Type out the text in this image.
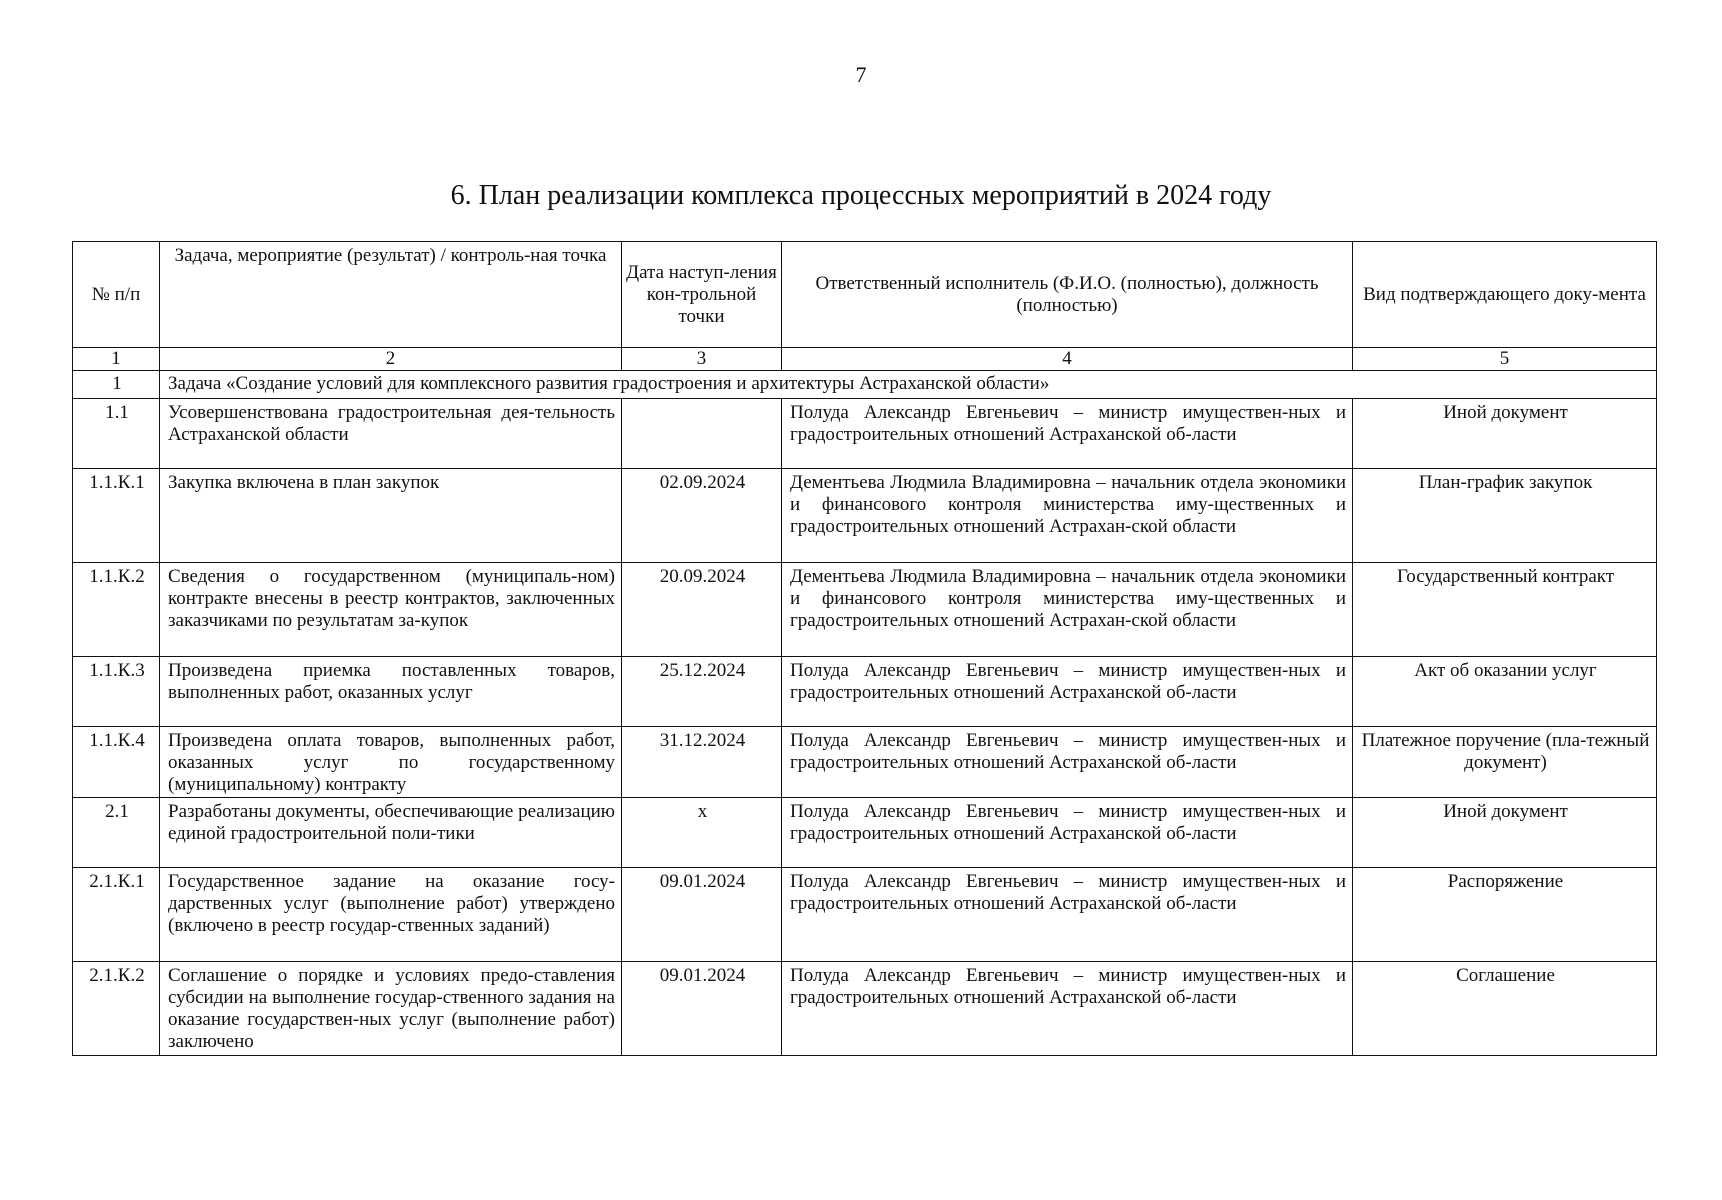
7
6. План реализации комплекса процессных мероприятий в 2024 году
№ п/п	Задача, мероприятие (результат) / контроль-ная точка	Дата наступ-ления кон-трольной точки	Ответственный исполнитель (Ф.И.О. (полностью), должность (полностью)	Вид подтверждающего доку-мента
1	2	3	4	5
1	Задача «Создание условий для комплексного развития градостроения и архитектуры Астраханской области»			
1.1	Усовершенствована градостроительная дея-тельность Астраханской области		Полуда Александр Евгеньевич – министр имуществен-ных и градостроительных отношений Астраханской об-ласти	Иной документ
1.1.К.1	Закупка включена в план закупок	02.09.2024	Дементьева Людмила Владимировна – начальник отдела экономики и финансового контроля министерства иму-щественных и градостроительных отношений Астрахан-ской области	План-график закупок
1.1.К.2	Сведения о государственном (муниципаль-ном) контракте внесены в реестр контрактов, заключенных заказчиками по результатам за-купок	20.09.2024	Дементьева Людмила Владимировна – начальник отдела экономики и финансового контроля министерства иму-щественных и градостроительных отношений Астрахан-ской области	Государственный контракт
1.1.К.3	Произведена приемка поставленных товаров, выполненных работ, оказанных услуг	25.12.2024	Полуда Александр Евгеньевич – министр имуществен-ных и градостроительных отношений Астраханской об-ласти	Акт об оказании услуг
1.1.К.4	Произведена оплата товаров, выполненных работ, оказанных услуг по государственному (муниципальному) контракту	31.12.2024	Полуда Александр Евгеньевич – министр имуществен-ных и градостроительных отношений Астраханской об-ласти	Платежное поручение (пла-тежный документ)
2.1	Разработаны документы, обеспечивающие реализацию единой градостроительной поли-тики	х	Полуда Александр Евгеньевич – министр имуществен-ных и градостроительных отношений Астраханской об-ласти	Иной документ
2.1.К.1	Государственное задание на оказание госу-дарственных услуг (выполнение работ) утверждено (включено в реестр государ-ственных заданий)	09.01.2024	Полуда Александр Евгеньевич – министр имуществен-ных и градостроительных отношений Астраханской об-ласти	Распоряжение
2.1.К.2	Соглашение о порядке и условиях предо-ставления субсидии на выполнение государ-ственного задания на оказание государствен-ных услуг (выполнение работ) заключено	09.01.2024	Полуда Александр Евгеньевич – министр имуществен-ных и градостроительных отношений Астраханской об-ласти	Соглашение
